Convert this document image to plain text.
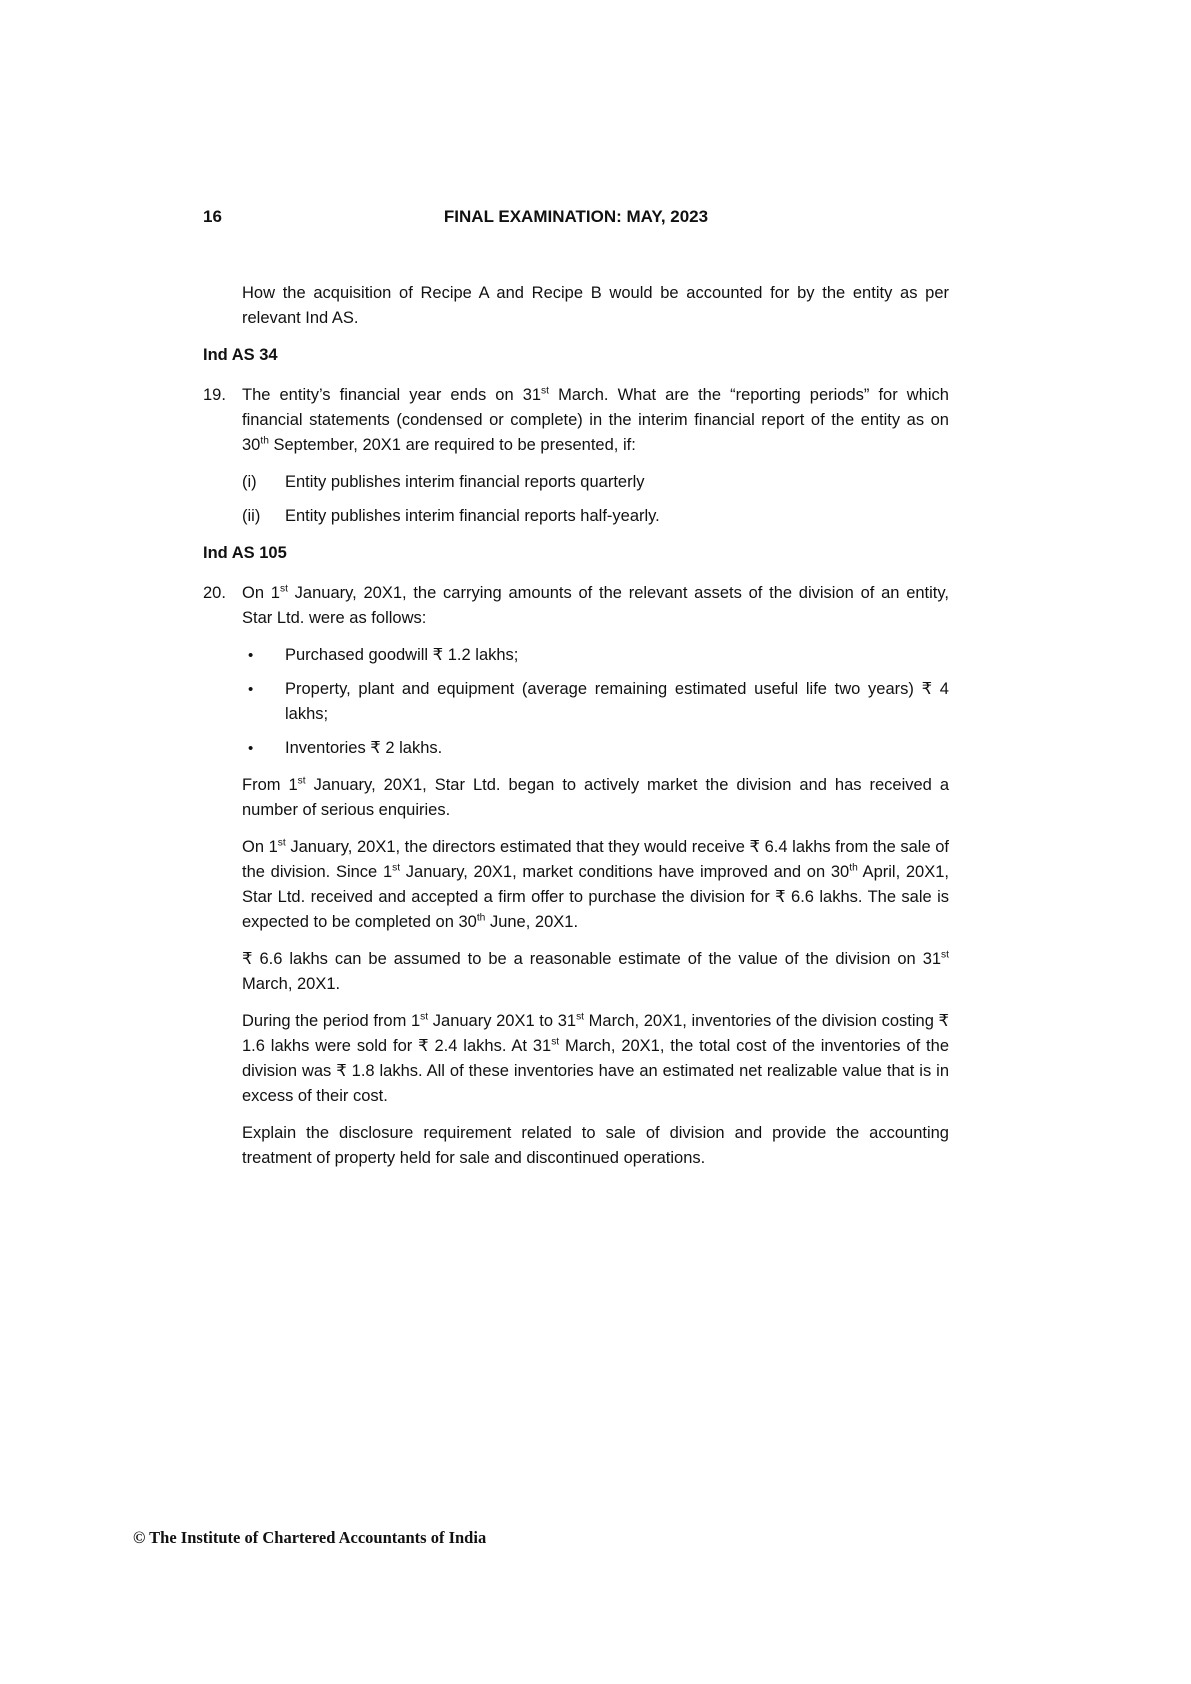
16	FINAL EXAMINATION: MAY, 2023

How the acquisition of Recipe A and Recipe B would be accounted for by the entity as per relevant Ind AS.

Ind AS 34
19. The entity’s financial year ends on 31st March. What are the “reporting periods” for which financial statements (condensed or complete) in the interim financial report of the entity as on 30th September, 20X1 are required to be presented, if:

(i)	Entity publishes interim financial reports quarterly

(ii)	Entity publishes interim financial reports half-yearly.

Ind AS 105
20. On 1st January, 20X1, the carrying amounts of the relevant assets of the division of an entity, Star Ltd. were as follows:

•	Purchased goodwill ₹ 1.2 lakhs;

•	Property, plant and equipment (average remaining estimated useful life two years) ₹ 4 lakhs;

•	Inventories ₹ 2 lakhs.

From 1st January, 20X1, Star Ltd. began to actively market the division and has received a number of serious enquiries.

On 1st January, 20X1, the directors estimated that they would receive ₹ 6.4 lakhs from the sale of the division. Since 1st January, 20X1, market conditions have improved and on 30th April, 20X1, Star Ltd. received and accepted a firm offer to purchase the division for ₹ 6.6 lakhs. The sale is expected to be completed on 30th June, 20X1.

₹ 6.6 lakhs can be assumed to be a reasonable estimate of the value of the division on 31st March, 20X1.

During the period from 1st January 20X1 to 31st March, 20X1, inventories of the division costing ₹ 1.6 lakhs were sold for ₹ 2.4 lakhs. At 31st March, 20X1, the total cost of the inventories of the division was ₹ 1.8 lakhs. All of these inventories have an estimated net realizable value that is in excess of their cost.

Explain the disclosure requirement related to sale of division and provide the accounting treatment of property held for sale and discontinued operations.

© The Institute of Chartered Accountants of India
